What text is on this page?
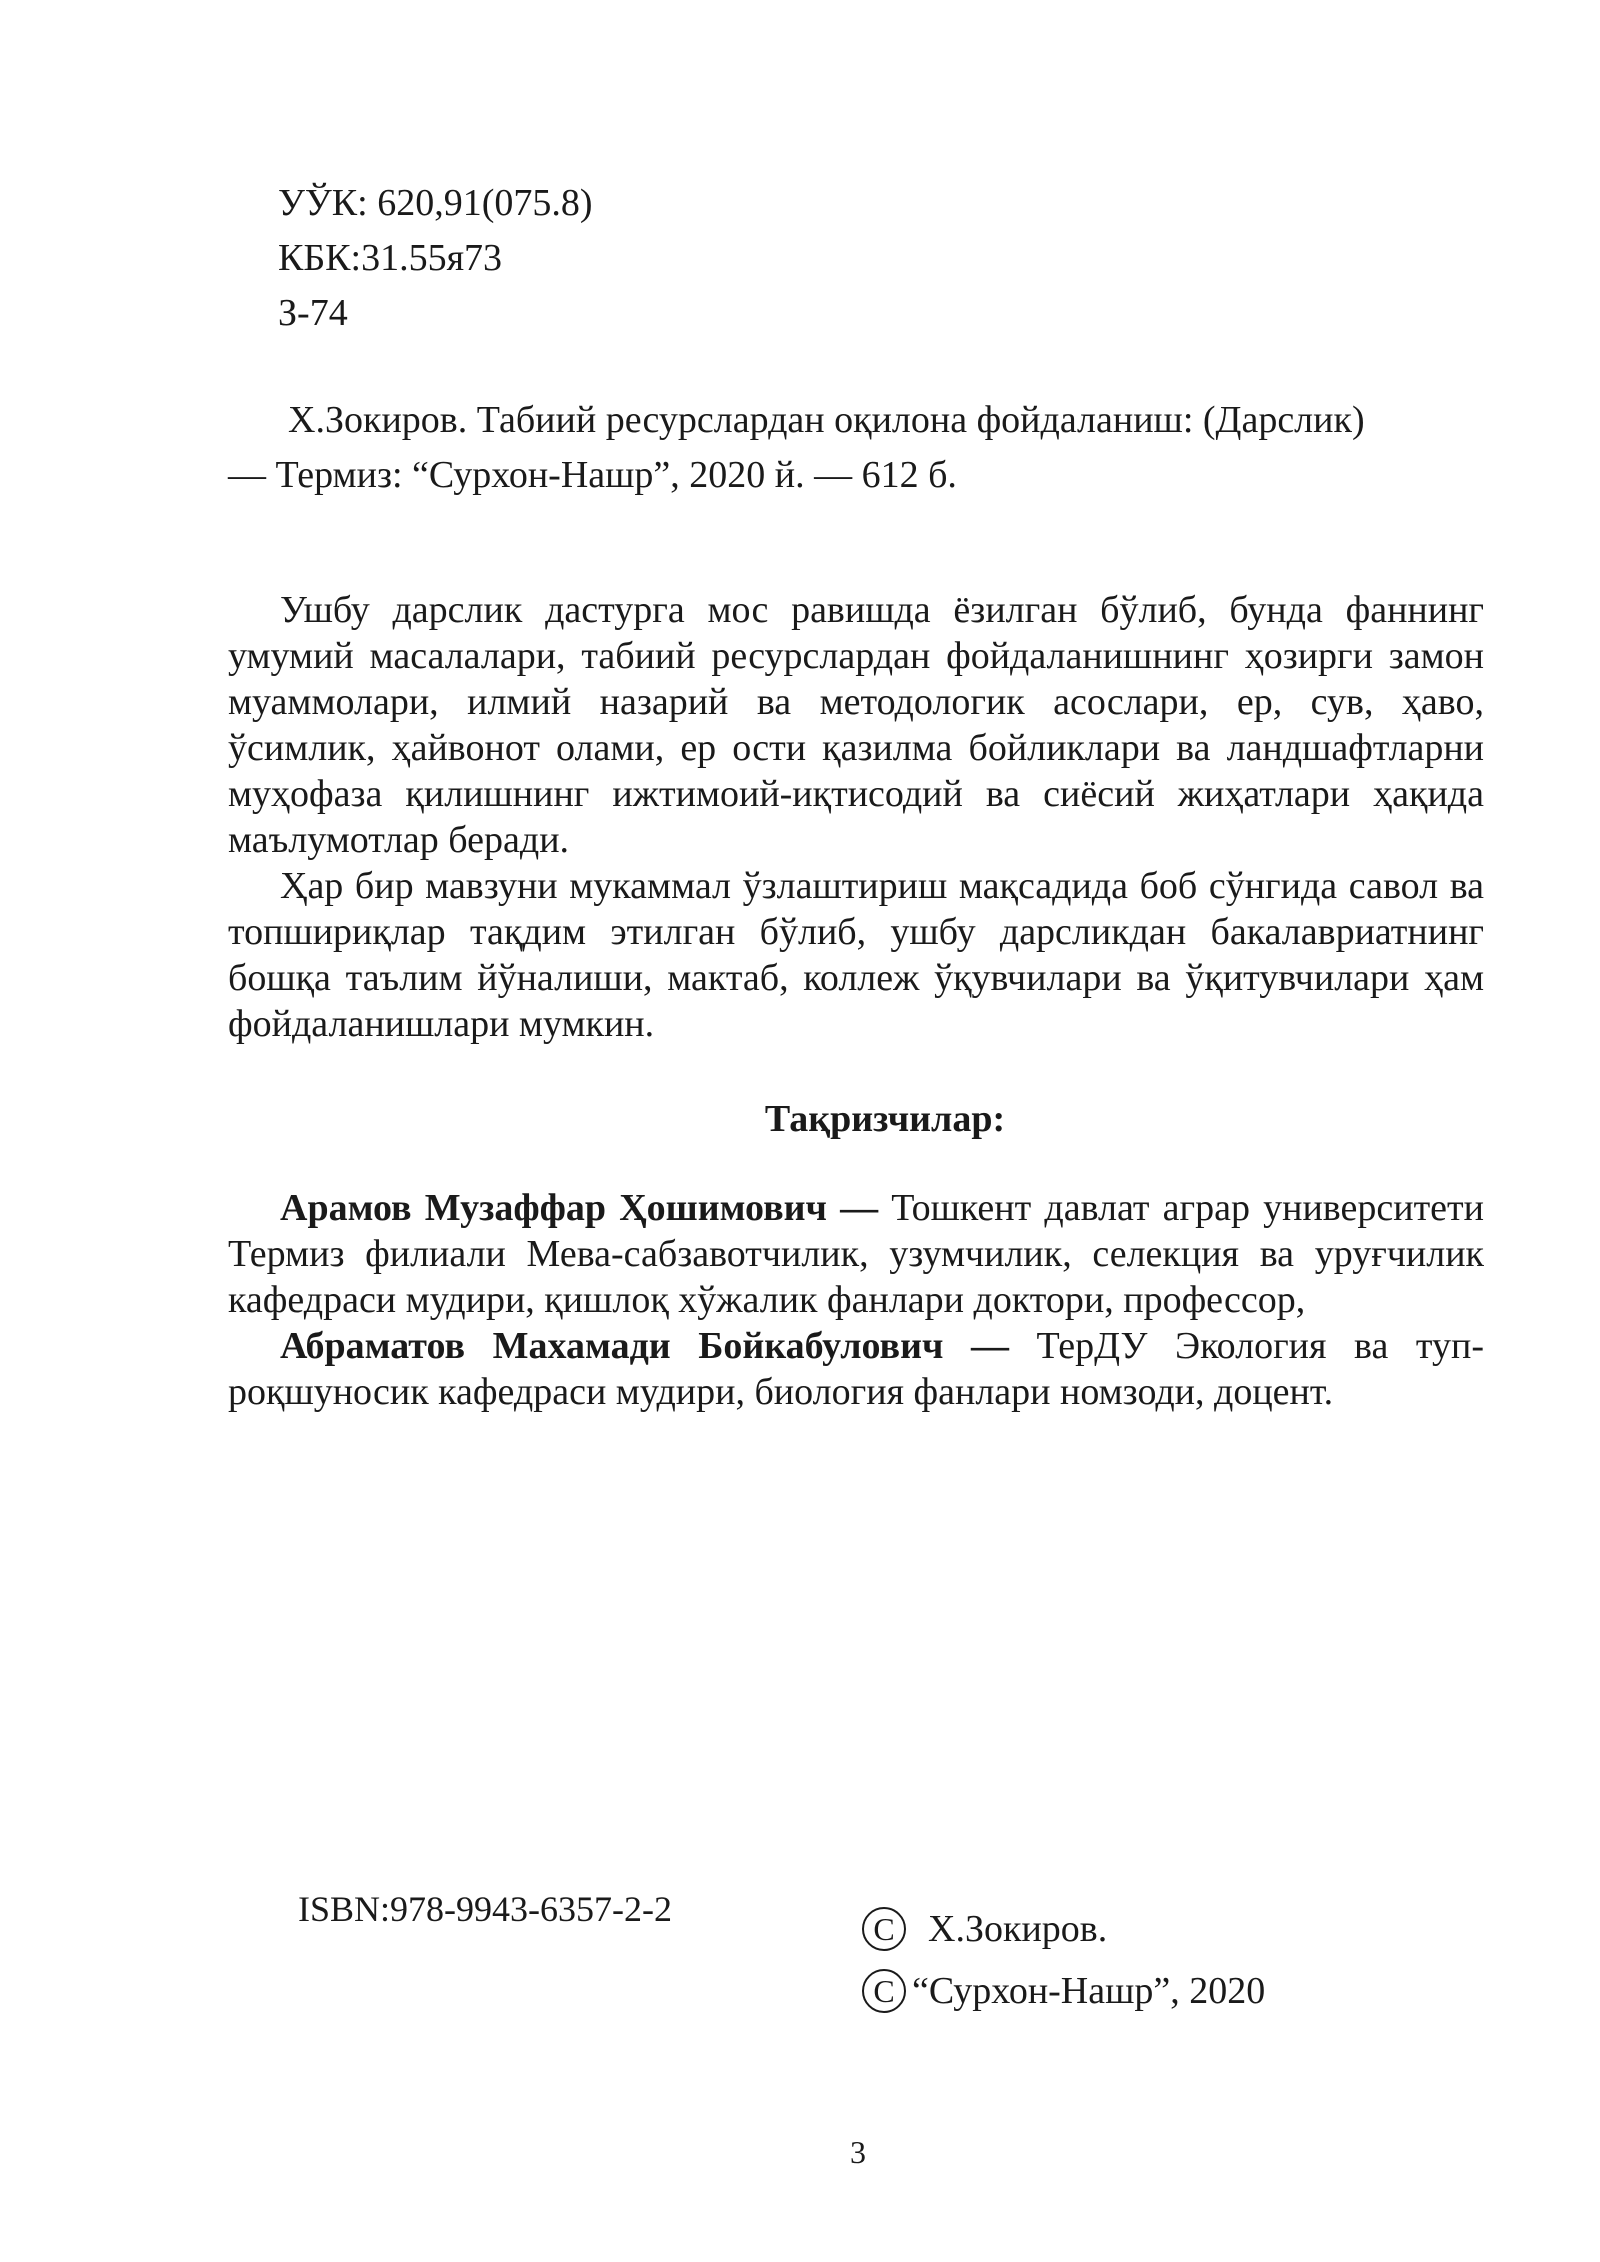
УЎК: 620,91(075.8)
КБК:31.55я73
З-74
Х.Зокиров. Табиий ресурслардан оқилона фойдаланиш: (Дарслик)
— Термиз: “Сурхон-Нашр”, 2020 й. — 612 б.

Ушбу дарслик дастурга мос равишда ёзилган бўлиб, бунда фаннинг умумий масалалари, табиий ресурслардан фойдаланишнинг ҳозирги замон муаммолари, илмий назарий ва методологик асослари, ер, сув, ҳаво, ўсимлик, ҳайвонот олами, ер ости қазилма бойликлари ва ландшафтларни муҳофаза қилишнинг ижтимоий-иқтисодий ва сиёсий жиҳатлари ҳақида маълумотлар беради.

Ҳар бир мавзуни мукаммал ўзлаштириш мақсадида боб сўнгида савол ва топшириқлар тақдим этилган бўлиб, ушбу дарсликдан бакалавриатнинг бошқа таълим йўналиши, мактаб, коллеж ўқувчилари ва ўқитувчилари ҳам фойдаланишлари мумкин.

Тақризчилар:

Арамов Музаффар Ҳошимович — Тошкент давлат аграр университети Термиз филиали Мева-сабзавотчилик, узумчилик, селекция ва уруғчилик кафедраси мудири, қишлоқ хўжалик фанлари доктори, профессор,

Абраматов Махамади Бойкабулович — ТерДУ Экология ва тупроқшуносик кафедраси мудири, биология фанлари номзоди, доцент.

ISBN:978-9943-6357-2-2	C Х.Зокиров.
C “Сурхон-Нашр”, 2020
3
